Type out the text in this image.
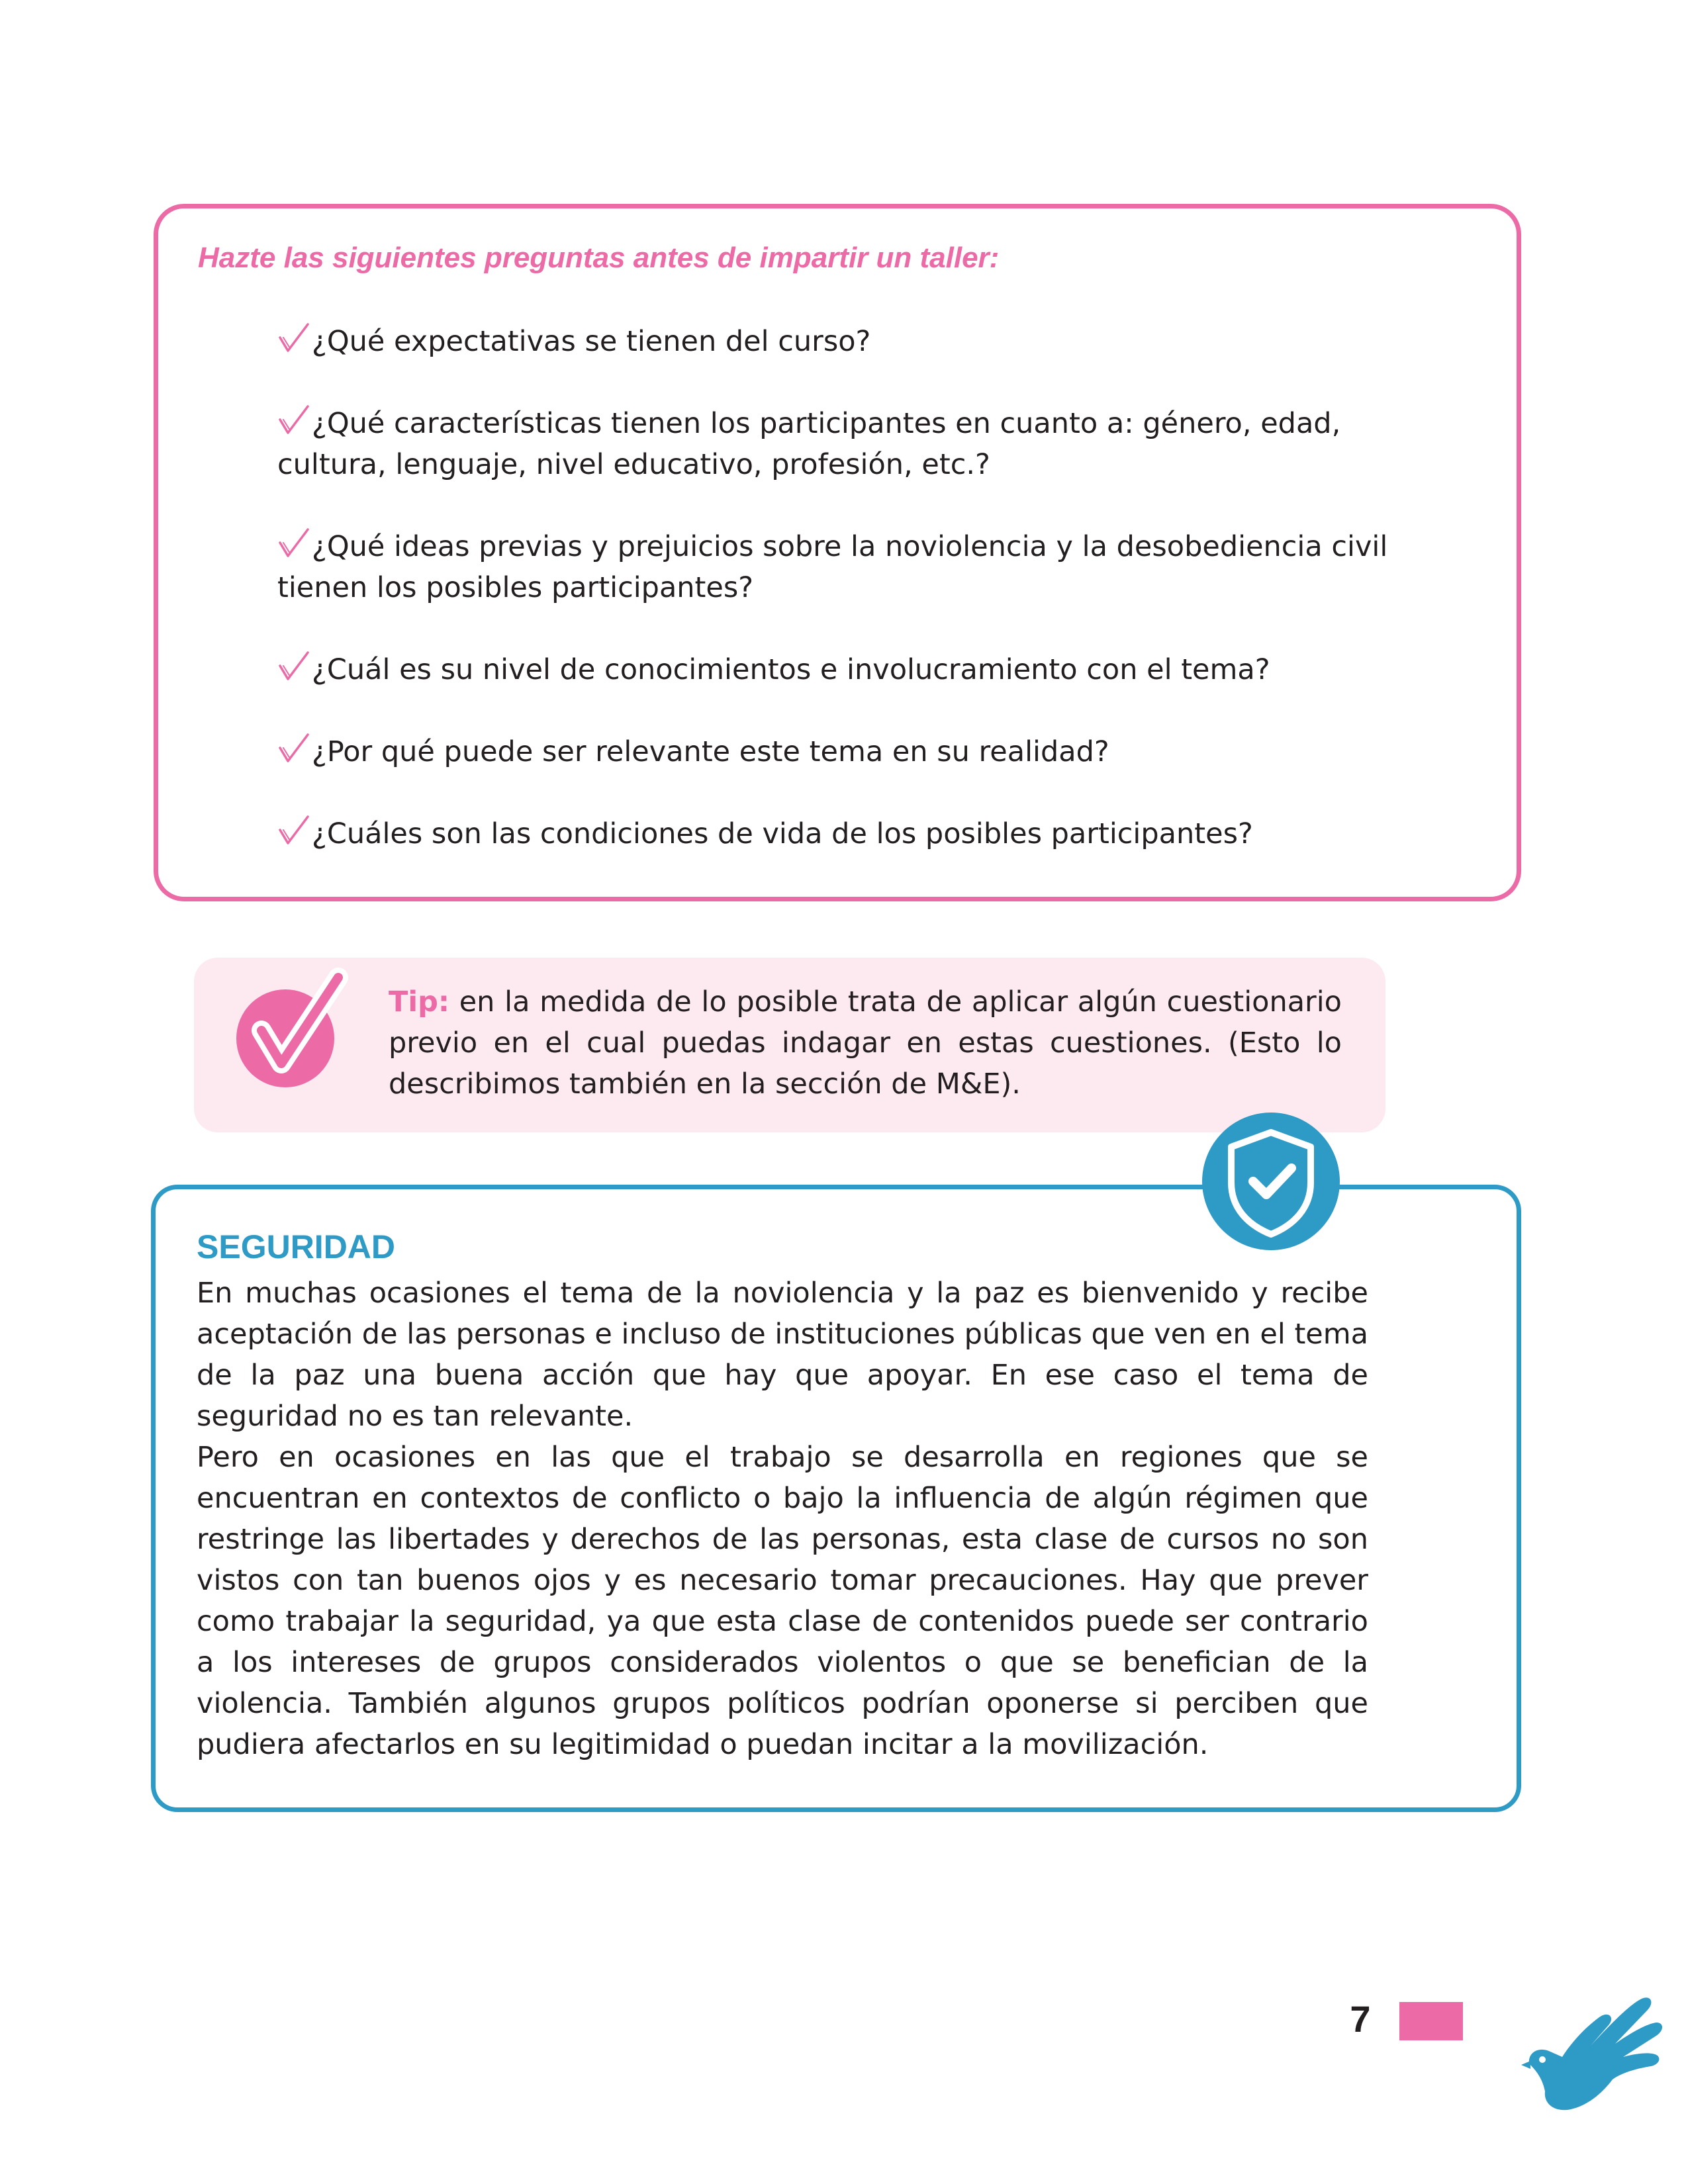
Hazte las siguientes preguntas antes de impartir un taller:
¿Qué expectativas se tienen del curso?
¿Qué características tienen los participantes en cuanto a: género, edad, cultura, lenguaje, nivel educativo, profesión, etc.?
¿Qué ideas previas y prejuicios sobre la noviolencia y la desobediencia civil tienen los posibles participantes?
¿Cuál es su nivel de conocimientos e involucramiento con el tema?
¿Por qué puede ser relevante este tema en su realidad?
¿Cuáles son las condiciones de vida de los posibles participantes?

Tip: en la medida de lo posible trata de aplicar algún cuestionario previo en el cual puedas indagar en estas cuestiones. (Esto lo describimos también en la sección de M&E).

SEGURIDAD

En muchas ocasiones el tema de la noviolencia y la paz es bienvenido y recibe aceptación de las personas e incluso de instituciones públicas que ven en el tema de la paz una buena acción que hay que apoyar. En ese caso el tema de seguridad no es tan relevante.

Pero en ocasiones en las que el trabajo se desarrolla en regiones que se encuentran en contextos de conflicto o bajo la influencia de algún régimen que restringe las libertades y derechos de las personas, esta clase de cursos no son vistos con tan buenos ojos y es necesario tomar precauciones. Hay que prever como trabajar la seguridad, ya que esta clase de contenidos puede ser contrario a los intereses de grupos considerados violentos o que se benefician de la violencia. También algunos grupos políticos podrían oponerse si perciben que pudiera afectarlos en su legitimidad o puedan incitar a la movilización.

7
